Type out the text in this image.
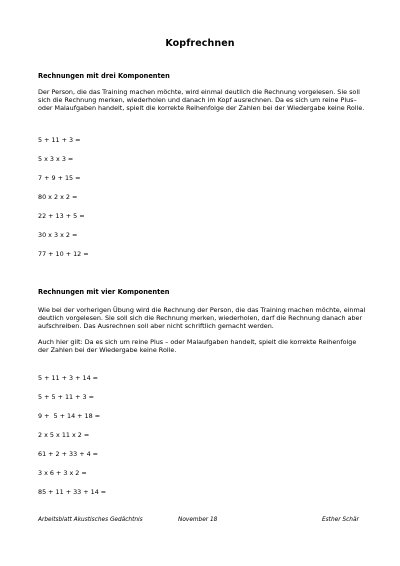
Kopfrechnen
Rechnungen mit drei Komponenten

Der Person, die das Training machen möchte, wird einmal deutlich die Rechnung vorgelesen. Sie soll sich die Rechnung merken, wiederholen und danach im Kopf ausrechnen. Da es sich um reine Plus– oder Malaufgaben handelt, spielt die korrekte Reihenfolge der Zahlen bei der Wiedergabe keine Rolle.

5 + 11 + 3 =
5 x 3 x 3 =
7 + 9 + 15 =
80 x 2 x 2 =
22 + 13 + 5 =
30 x 3 x 2 =
77 + 10 + 12 =
Rechnungen mit vier Komponenten

Wie bei der vorherigen Übung wird die Rechnung der Person, die das Training machen möchte, einmal deutlich vorgelesen. Sie soll sich die Rechnung merken, wiederholen, darf die Rechnung danach aber aufschreiben. Das Ausrechnen soll aber nicht schriftlich gemacht werden.

Auch hier gilt: Da es sich um reine Plus – oder Malaufgaben handelt, spielt die korrekte Reihenfolge der Zahlen bei der Wiedergabe keine Rolle.

5 + 11 + 3 + 14 =
5 + 5 + 11 + 3 =
9 +  5 + 14 + 18 =
2 x 5 x 11 x 2 =
61 + 2 + 33 + 4 =
3 x 6 + 3 x 2 =
85 + 11 + 33 + 14 =
Arbeitsblatt Akustisches Gedächtnis	November 18	Esther Schär
